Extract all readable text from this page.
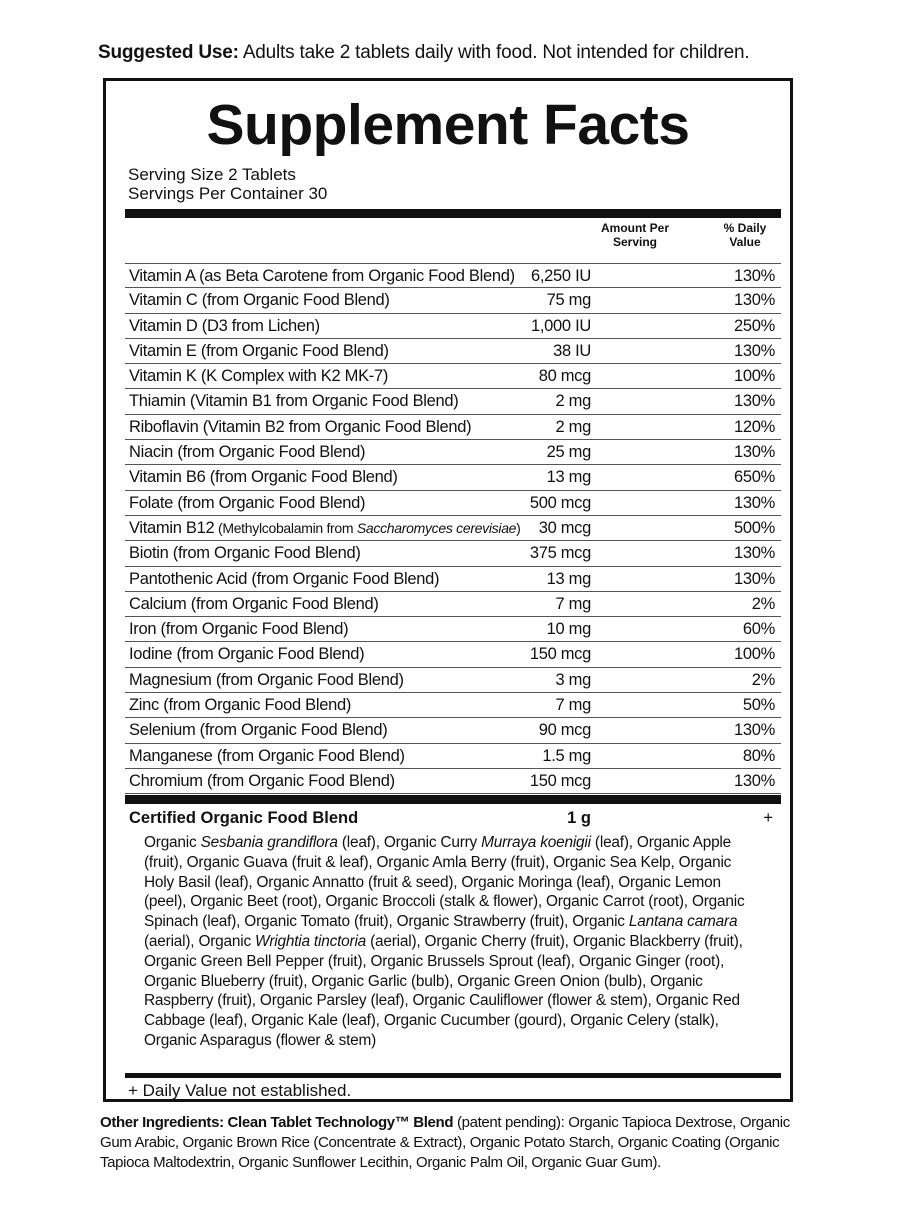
Suggested Use: Adults take 2 tablets daily with food. Not intended for children.
Supplement Facts
Serving Size 2 Tablets
Servings Per Container 30
Amount Per Serving
% Daily Value
Vitamin A (as Beta Carotene from Organic Food Blend) 6,250 IU	130%
Vitamin C (from Organic Food Blend)	75 mg	130%
Vitamin D (D3 from Lichen)	1,000 IU	250%
Vitamin E (from Organic Food Blend)	38 IU	130%
Vitamin K (K Complex with K2 MK-7)	80 mcg	100%
Thiamin (Vitamin B1 from Organic Food Blend)	2 mg	130%
Riboflavin (Vitamin B2 from Organic Food Blend)	2 mg	120%
Niacin (from Organic Food Blend)	25 mg	130%
Vitamin B6 (from Organic Food Blend)	13 mg	650%
Folate (from Organic Food Blend)	500 mcg	130%
Vitamin B12 (Methylcobalamin from Saccharomyces cerevisiae) 30 mcg	500%
Biotin (from Organic Food Blend)	375 mcg	130%
Pantothenic Acid (from Organic Food Blend)	13 mg	130%
Calcium (from Organic Food Blend)	7 mg	2%
Iron (from Organic Food Blend)	10 mg	60%
Iodine (from Organic Food Blend)	150 mcg	100%
Magnesium (from Organic Food Blend)	3 mg	2%
Zinc (from Organic Food Blend)	7 mg	50%
Selenium (from Organic Food Blend)	90 mcg	130%
Manganese (from Organic Food Blend)	1.5 mg	80%
Chromium (from Organic Food Blend)	150 mcg	130%
Certified Organic Food Blend	1 g	+
Organic Sesbania grandiflora (leaf), Organic Curry Murraya koenigii (leaf), Organic Apple (fruit), Organic Guava (fruit & leaf), Organic Amla Berry (fruit), Organic Sea Kelp, Organic Holy Basil (leaf), Organic Annatto (fruit & seed), Organic Moringa (leaf), Organic Lemon (peel), Organic Beet (root), Organic Broccoli (stalk & flower), Organic Carrot (root), Organic Spinach (leaf), Organic Tomato (fruit), Organic Strawberry (fruit), Organic Lantana camara (aerial), Organic Wrightia tinctoria (aerial), Organic Cherry (fruit), Organic Blackberry (fruit), Organic Green Bell Pepper (fruit), Organic Brussels Sprout (leaf), Organic Ginger (root), Organic Blueberry (fruit), Organic Garlic (bulb), Organic Green Onion (bulb), Organic Raspberry (fruit), Organic Parsley (leaf), Organic Cauliflower (flower & stem), Organic Red Cabbage (leaf), Organic Kale (leaf), Organic Cucumber (gourd), Organic Celery (stalk), Organic Asparagus (flower & stem)
+ Daily Value not established.
Other Ingredients: Clean Tablet Technology™ Blend (patent pending): Organic Tapioca Dextrose, Organic Gum Arabic, Organic Brown Rice (Concentrate & Extract), Organic Potato Starch, Organic Coating (Organic Tapioca Maltodextrin, Organic Sunflower Lecithin, Organic Palm Oil, Organic Guar Gum).
